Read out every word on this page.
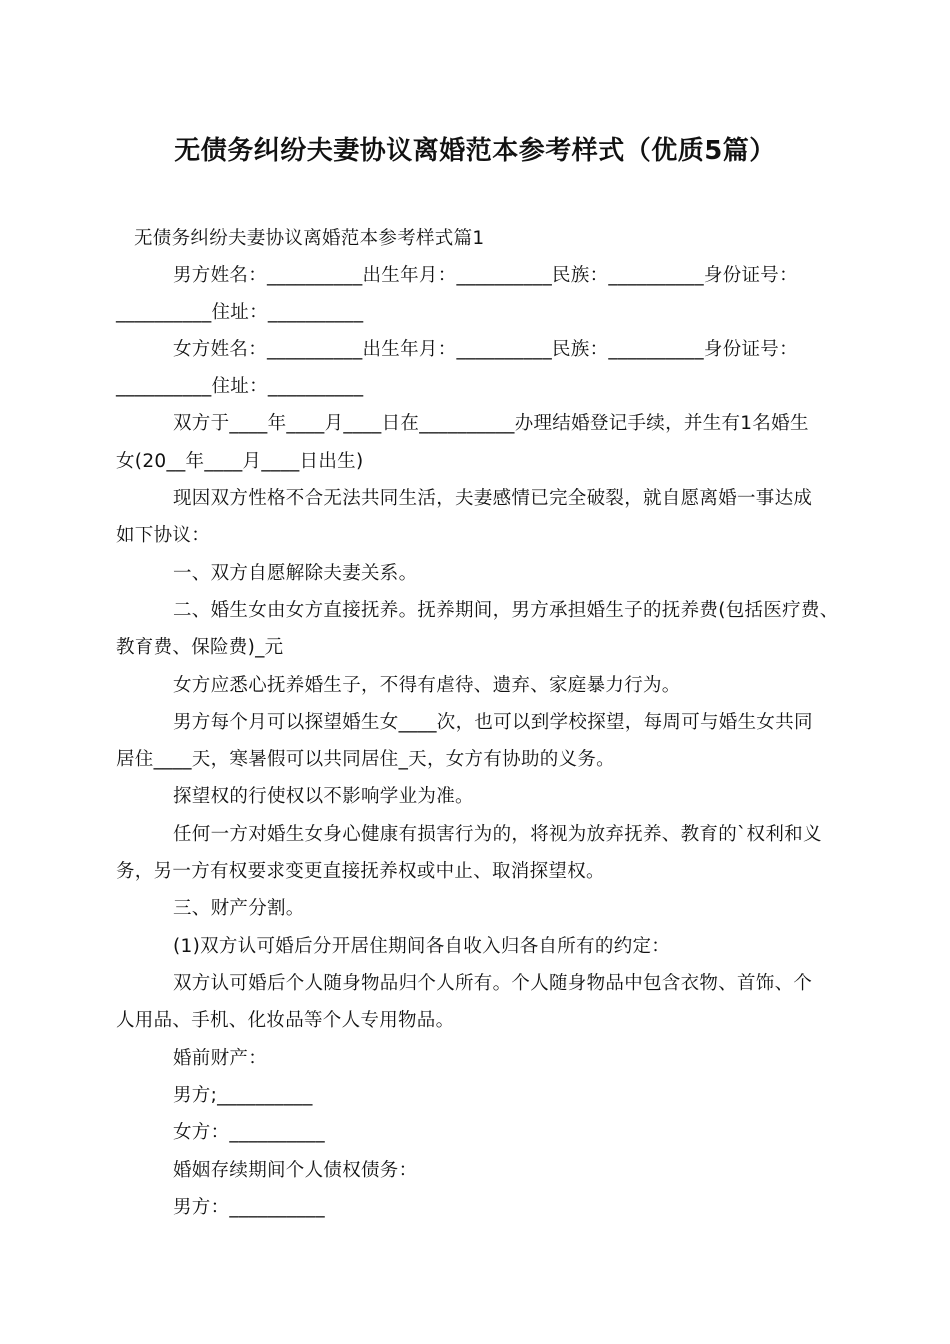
无债务纠纷夫妻协议离婚范本参考样式（优质5篇）
无债务纠纷夫妻协议离婚范本参考样式篇1
男方姓名：__________出生年月：__________民族：__________身份证号：
__________住址：__________
女方姓名：__________出生年月：__________民族：__________身份证号：
__________住址：__________
双方于____年____月____日在__________办理结婚登记手续，并生有1名婚生
女(20__年____月____日出生)
现因双方性格不合无法共同生活，夫妻感情已完全破裂，就自愿离婚一事达成
如下协议：
一、双方自愿解除夫妻关系。
二、婚生女由女方直接抚养。抚养期间，男方承担婚生子的抚养费(包括医疗费、
教育费、保险费)_元
女方应悉心抚养婚生子，不得有虐待、遗弃、家庭暴力行为。
男方每个月可以探望婚生女____次，也可以到学校探望，每周可与婚生女共同
居住____天，寒暑假可以共同居住_天，女方有协助的义务。
探望权的行使权以不影响学业为准。
任何一方对婚生女身心健康有损害行为的，将视为放弃抚养、教育的`权利和义
务，另一方有权要求变更直接抚养权或中止、取消探望权。
三、财产分割。
(1)双方认可婚后分开居住期间各自收入归各自所有的约定：
双方认可婚后个人随身物品归个人所有。个人随身物品中包含衣物、首饰、个
人用品、手机、化妆品等个人专用物品。
婚前财产：
男方;__________
女方：__________
婚姻存续期间个人债权债务：
男方：__________
